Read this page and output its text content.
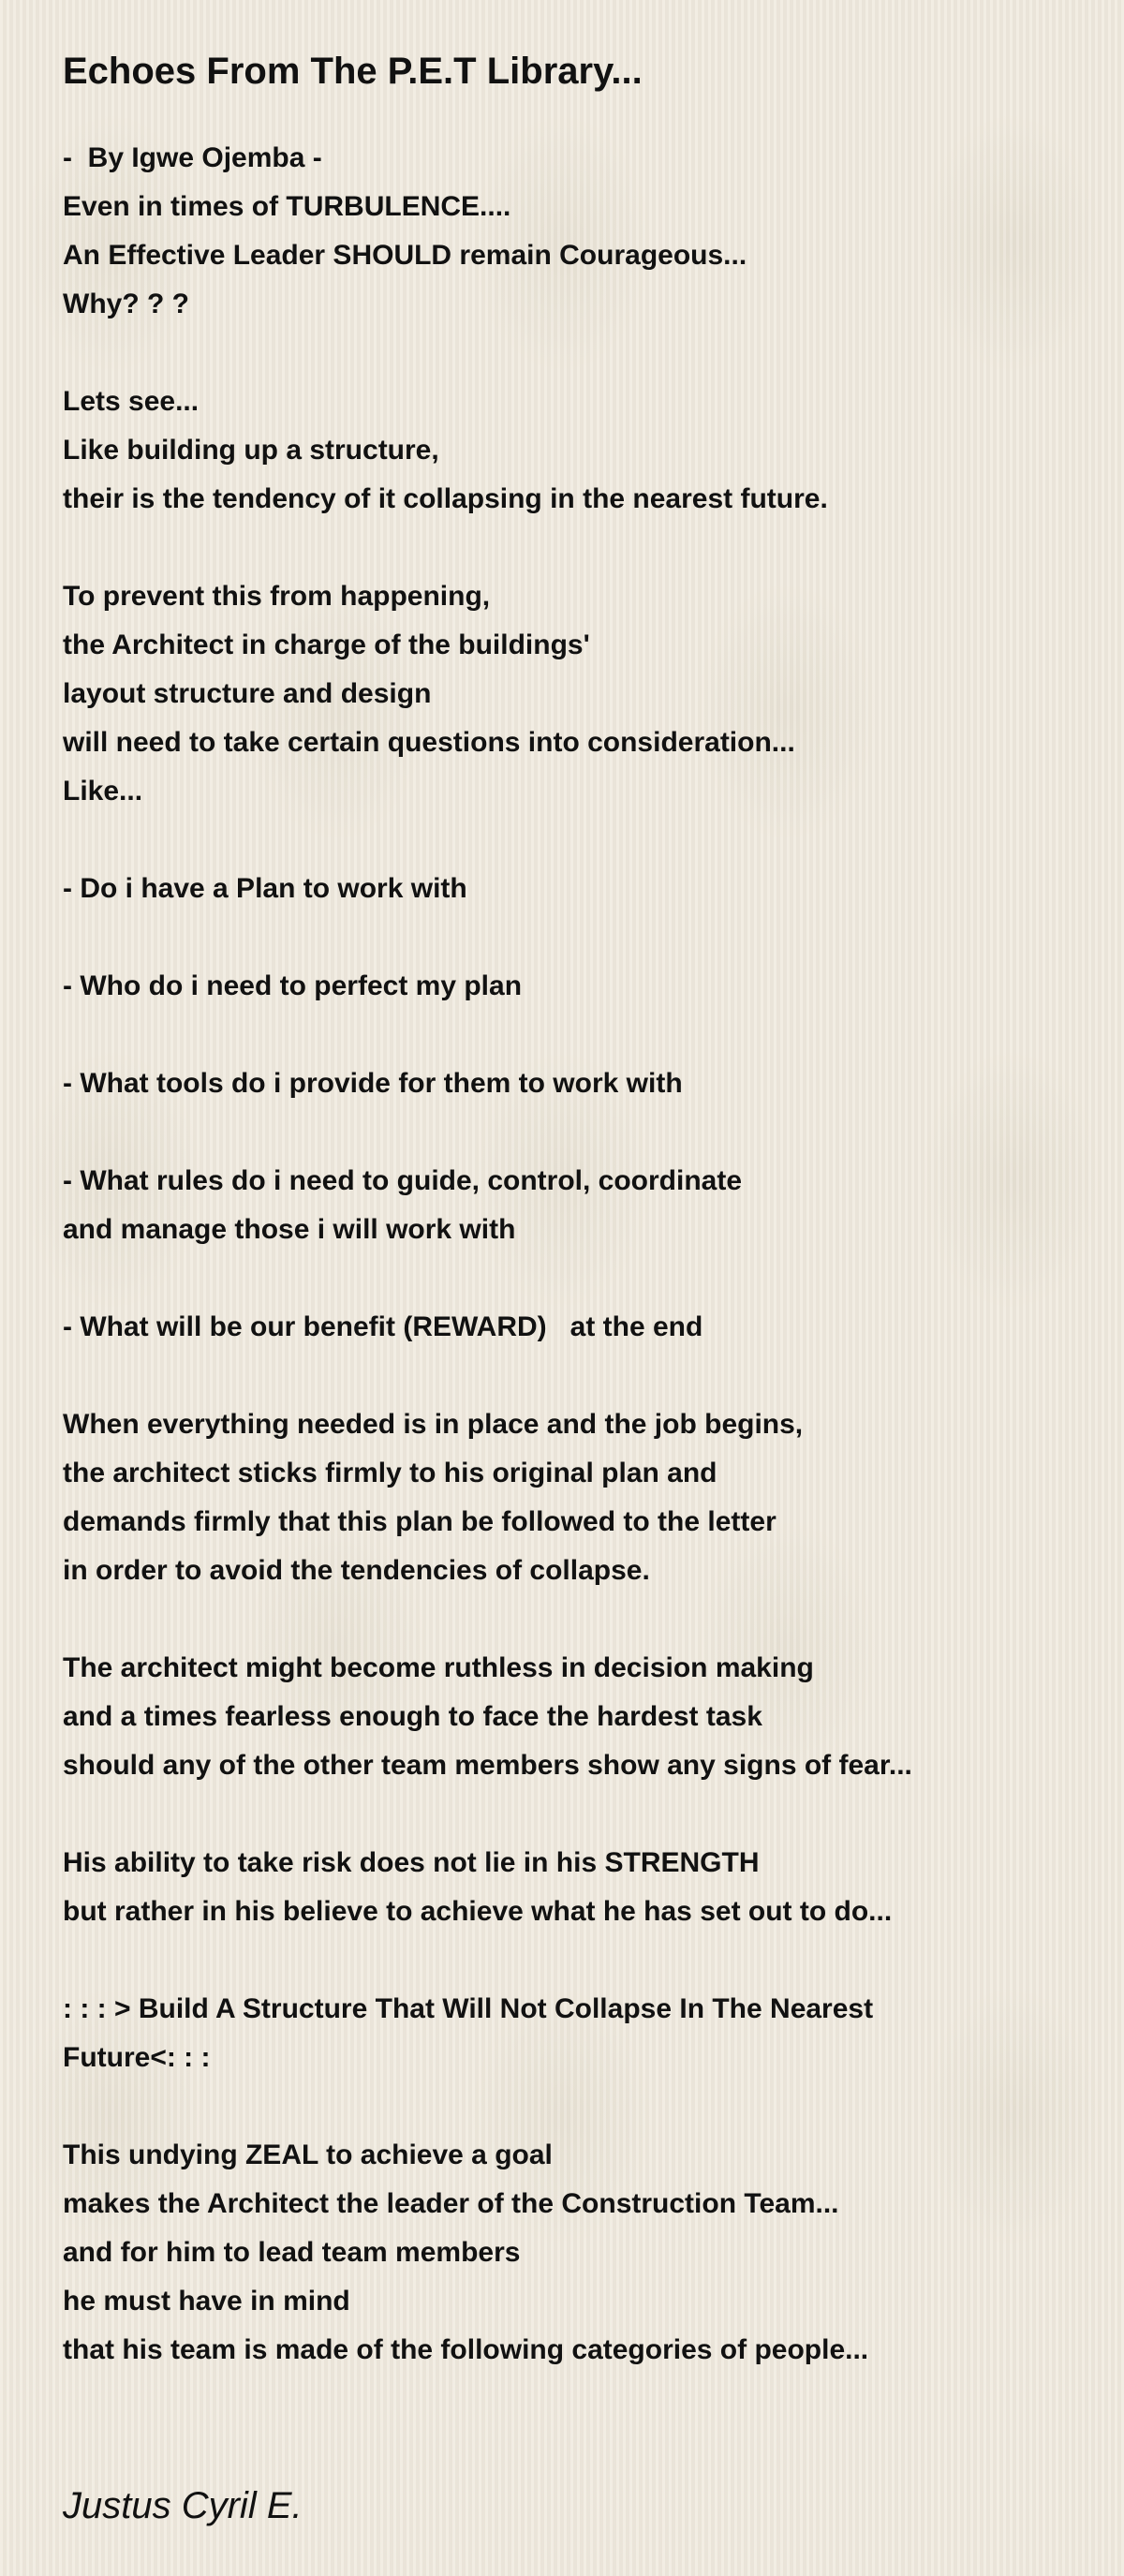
Echoes From The P.E.T Library...
-  By Igwe Ojemba -
Even in times of TURBULENCE....
An Effective Leader SHOULD remain Courageous...
Why? ? ?
Lets see...
Like building up a structure,
their is the tendency of it collapsing in the nearest future.
To prevent this from happening,
the Architect in charge of the buildings'
layout structure and design
will need to take certain questions into consideration...
Like...
- Do i have a Plan to work with
- Who do i need to perfect my plan
- What tools do i provide for them to work with
- What rules do i need to guide, control, coordinate
and manage those i will work with
- What will be our benefit (REWARD)   at the end
When everything needed is in place and the job begins,
the architect sticks firmly to his original plan and
demands firmly that this plan be followed to the letter
in order to avoid the tendencies of collapse.
The architect might become ruthless in decision making
and a times fearless enough to face the hardest task
should any of the other team members show any signs of fear...
His ability to take risk does not lie in his STRENGTH
but rather in his believe to achieve what he has set out to do...
: : : > Build A Structure That Will Not Collapse In The Nearest
Future<: : :
This undying ZEAL to achieve a goal
makes the Architect the leader of the Construction Team...
and for him to lead team members
he must have in mind
that his team is made of the following categories of people...
Justus Cyril E.
